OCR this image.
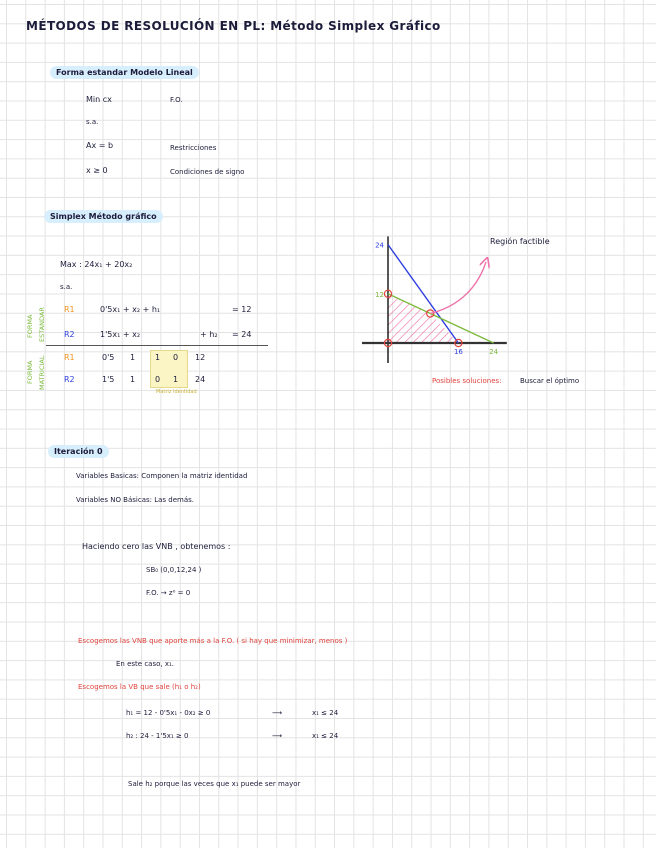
MÉTODOS DE RESOLUCIÓN EN PL: Método Simplex Gráfico
Forma estandar Modelo Lineal
Min cx	F.O.
s.a.
Ax = b	Restricciones
x ≥ 0	Condiciones de signo
Simplex Método gráfico
Max : 24x₁ + 20x₂
s.a.
FORMA ESTANDAR
FORMA MATRICIAL
R1	0'5x₁ + x₂ + h₁	= 12
R2	1'5x₁ + x₂	+ h₂ = 24
Matriz Identidad
R1	0'5 1 1 0 12
R2	1'5 1 0 1 24
24
12
16	24
Región factible
Posibles soluciones:	Buscar el óptimo
Iteración 0
Variables Basicas: Componen la matriz identidad
Variables NO Básicas: Las demás.
Haciendo cero las VNB , obtenemos :
SB₀ (0,0,12,24 )
F.O. → z⁰ = 0
Escogemos las VNB que aporte más a la F.O. ( si hay que minimizar, menos )
En este caso, x₁.
Escogemos la VB que sale (h₁ o h₂)
h₁ = 12 - 0'5x₁ - 0x₂ ≥ 0	⟶	x₁ ≤ 24
h₂ : 24 - 1'5x₁ ≥ 0	⟶	x₁ ≤ 24
Sale h₂ porque las veces que x₁ puede ser mayor
